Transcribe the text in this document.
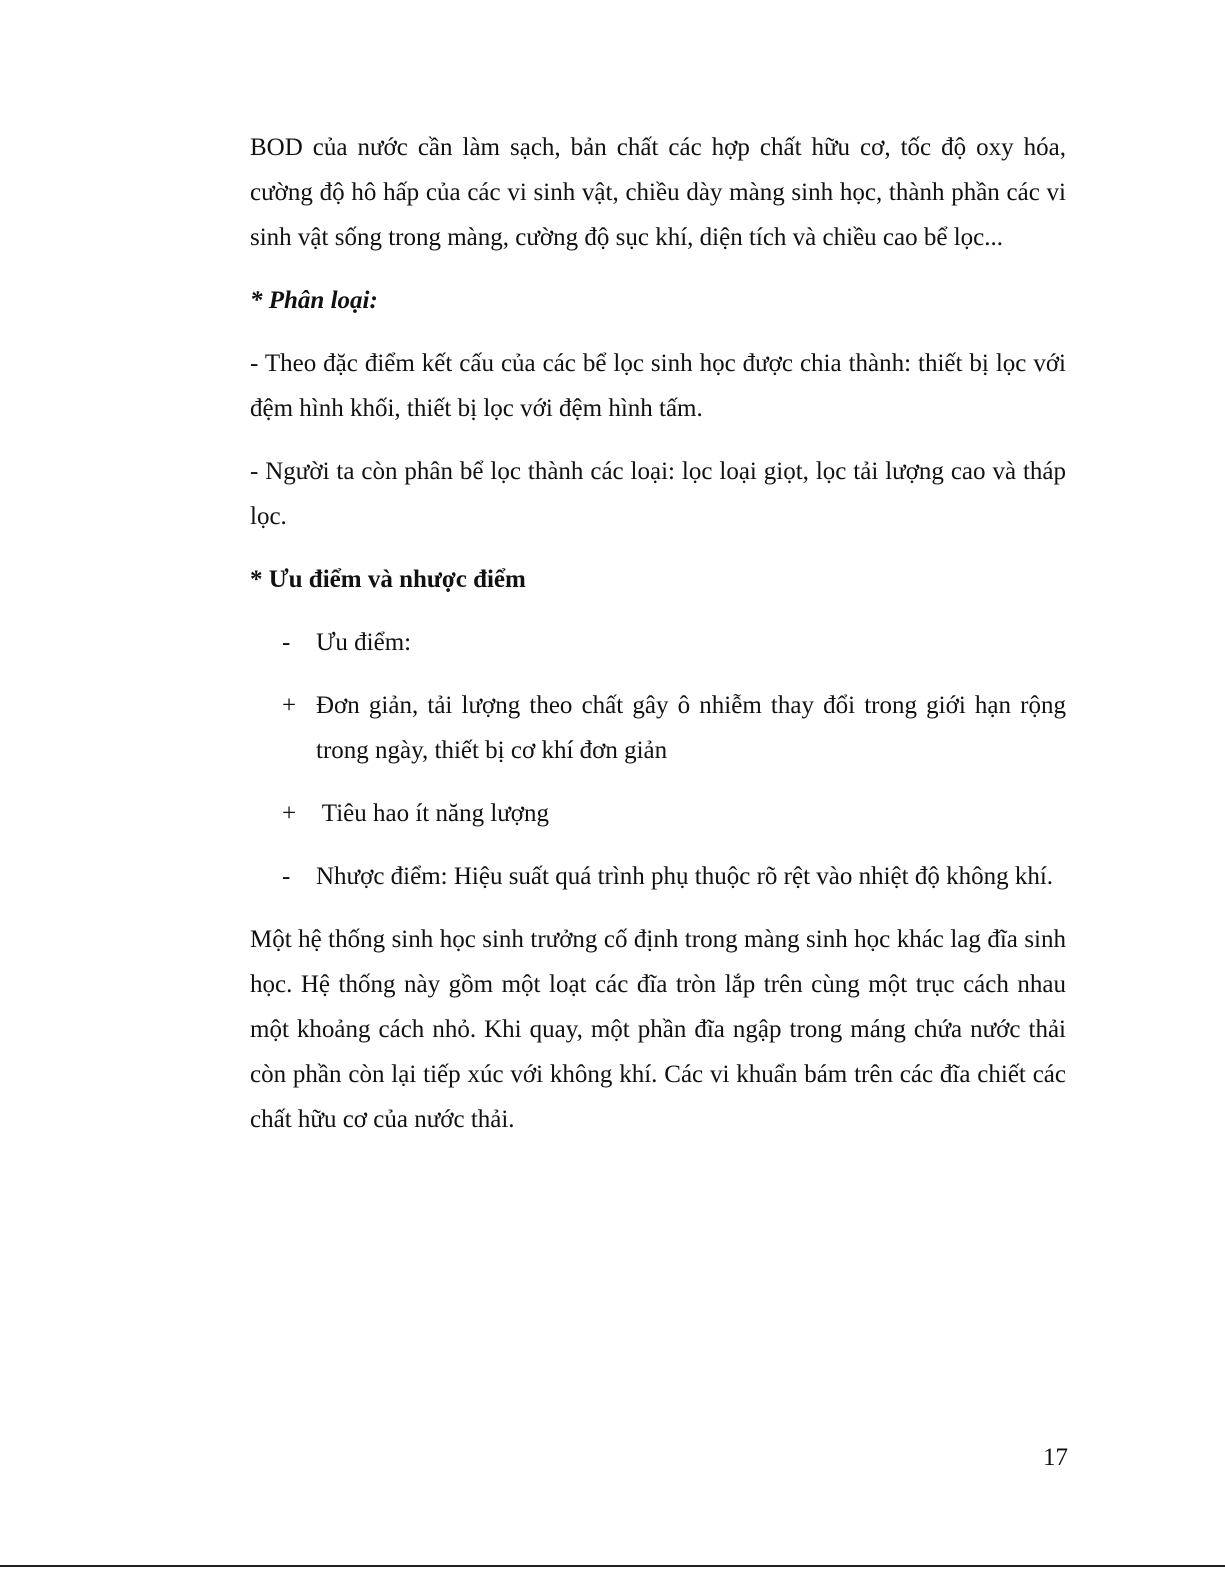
BOD của nước cần làm sạch, bản chất các hợp chất hữu cơ, tốc độ oxy hóa, cường độ hô hấp của các vi sinh vật, chiều dày màng sinh học, thành phần các vi sinh vật sống trong màng, cường độ sục khí, diện tích và chiều cao bể lọc...

* Phân loại:

- Theo đặc điểm kết cấu của các bể lọc sinh học được chia thành: thiết bị lọc với đệm hình khối, thiết bị lọc với đệm hình tấm.

- Người ta còn phân bể lọc thành các loại: lọc loại giọt, lọc tải lượng cao và tháp lọc.

* Ưu điểm và nhược điểm

-	Ưu điểm:
+ Đơn giản, tải lượng theo chất gây ô nhiễm thay đổi trong giới hạn rộng trong ngày, thiết bị cơ khí đơn giản
+ Tiêu hao ít năng lượng
-	Nhược điểm: Hiệu suất quá trình phụ thuộc rõ rệt vào nhiệt độ không khí.

Một hệ thống sinh học sinh trưởng cố định trong màng sinh học khác lag đĩa sinh học. Hệ thống này gồm một loạt các đĩa tròn lắp trên cùng một trục cách nhau một khoảng cách nhỏ. Khi quay, một phần đĩa ngập trong máng chứa nước thải còn phần còn lại tiếp xúc với không khí. Các vi khuẩn bám trên các đĩa chiết các chất hữu cơ của nước thải.

17
